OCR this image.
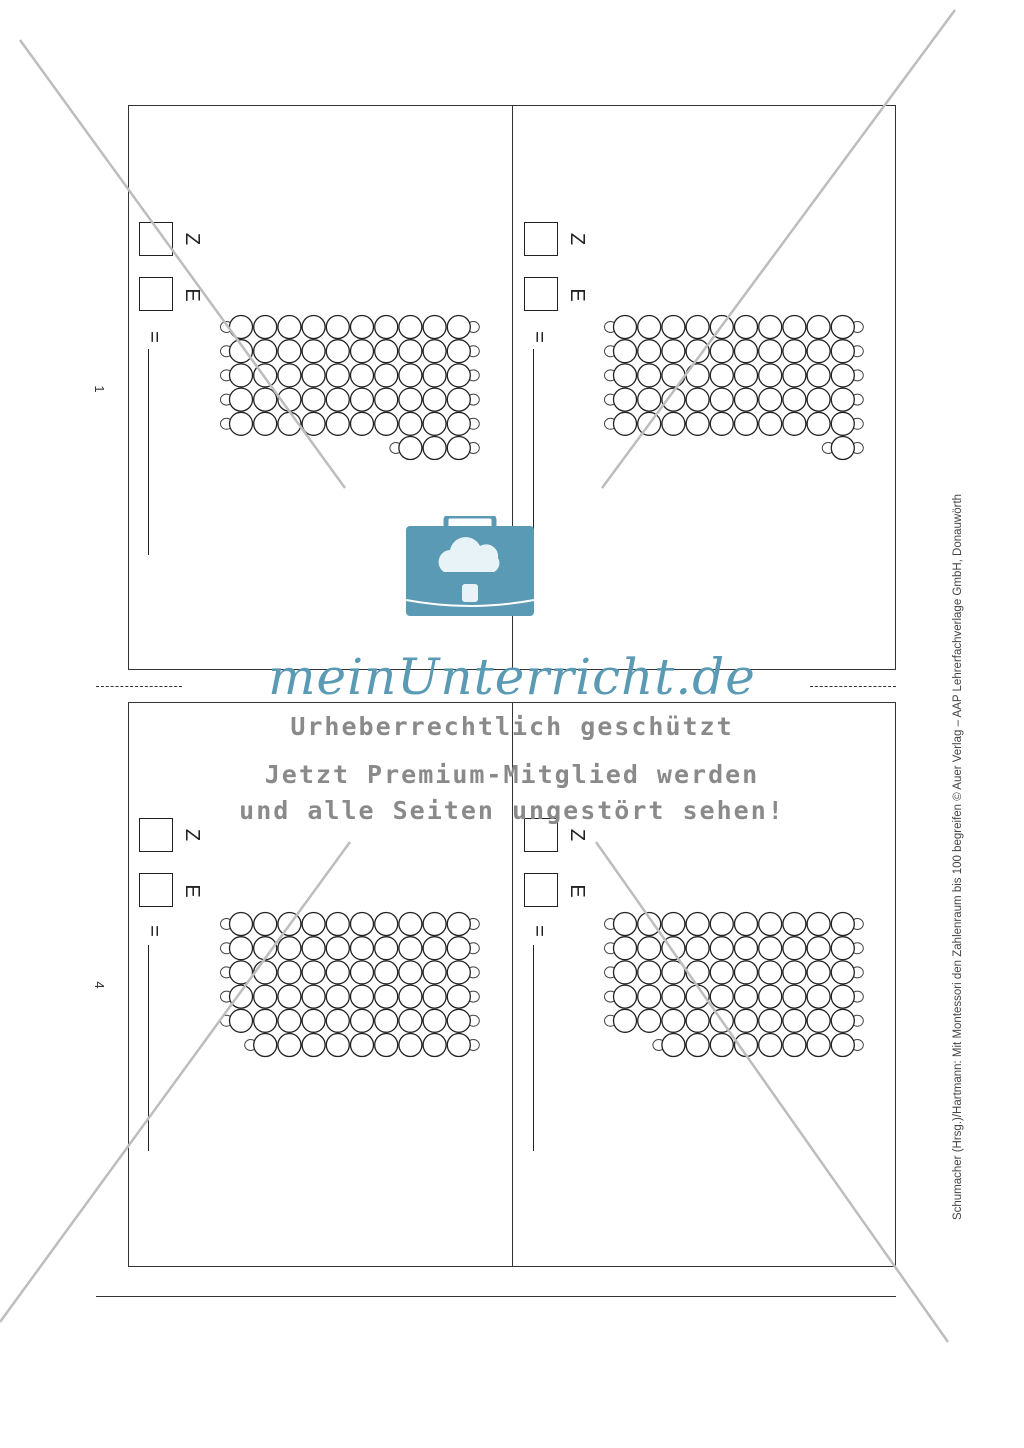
Z
E
=
1
Z
E
=
Z
E
=
4
Z
E
=	Schumacher (Hrsg.)/Hartmann: Mit Montessori den Zahlenraum bis 100 begreifen © Auer Verlag – AAP Lehrerfachverlage GmbH, Donauwörth
meinUnterricht.de
Urheberrechtlich geschützt
Jetzt Premium-Mitglied werden
und alle Seiten ungestört sehen!
